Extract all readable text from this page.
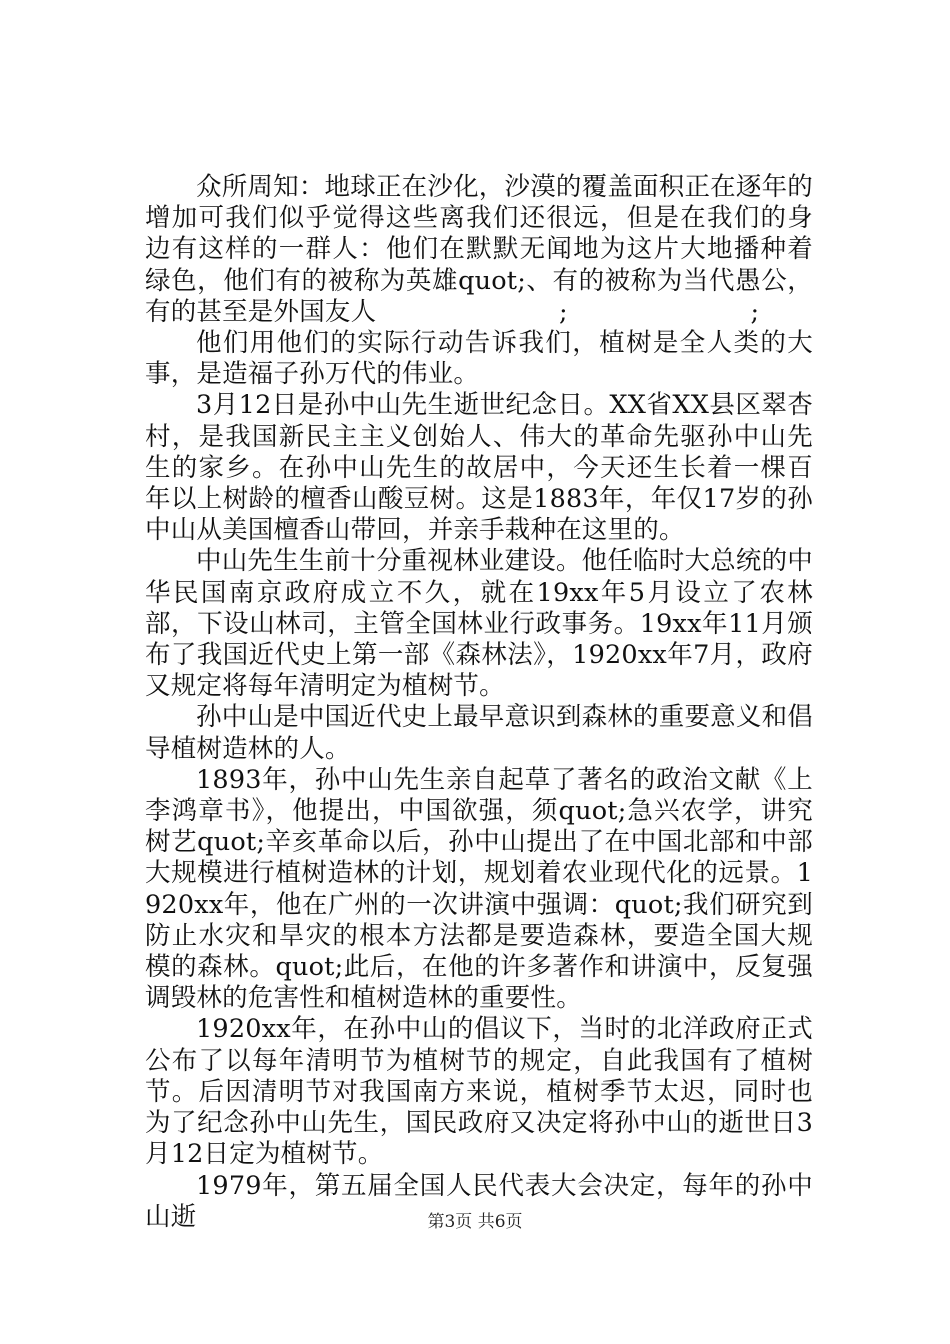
众所周知：地球正在沙化，沙漠的覆盖面积正在逐年的增加可我们似乎觉得这些离我们还很远，但是在我们的身边有这样的一群人：他们在默默无闻地为这片大地播种着绿色，他们有的被称为英雄quot;、有的被称为当代愚公，有的甚至是外国友人                      ;                      ;

他们用他们的实际行动告诉我们，植树是全人类的大事，是造福子孙万代的伟业。

3月12日是孙中山先生逝世纪念日。XX省XX县区翠杏村，是我国新民主主义创始人、伟大的革命先驱孙中山先生的家乡。在孙中山先生的故居中，今天还生长着一棵百年以上树龄的檀香山酸豆树。这是1883年，年仅17岁的孙中山从美国檀香山带回，并亲手栽种在这里的。

中山先生生前十分重视林业建设。他任临时大总统的中华民国南京政府成立不久，就在19xx年5月设立了农林部，下设山林司，主管全国林业行政事务。19xx年11月颁布了我国近代史上第一部《森林法》，1920xx年7月，政府又规定将每年清明定为植树节。

孙中山是中国近代史上最早意识到森林的重要意义和倡导植树造林的人。

1893年，孙中山先生亲自起草了著名的政治文献《上李鸿章书》，他提出，中国欲强，须quot;急兴农学，讲究树艺quot;辛亥革命以后，孙中山提出了在中国北部和中部大规模进行植树造林的计划，规划着农业现代化的远景。1920xx年，他在广州的一次讲演中强调：quot;我们研究到防止水灾和旱灾的根本方法都是要造森林，要造全国大规模的森林。quot;此后，在他的许多著作和讲演中，反复强调毁林的危害性和植树造林的重要性。

1920xx年，在孙中山的倡议下，当时的北洋政府正式公布了以每年清明节为植树节的规定，自此我国有了植树节。后因清明节对我国南方来说，植树季节太迟，同时也为了纪念孙中山先生，国民政府又决定将孙中山的逝世日3月12日定为植树节。

1979年，第五届全国人民代表大会决定，每年的孙中山逝	第3页 共6页
